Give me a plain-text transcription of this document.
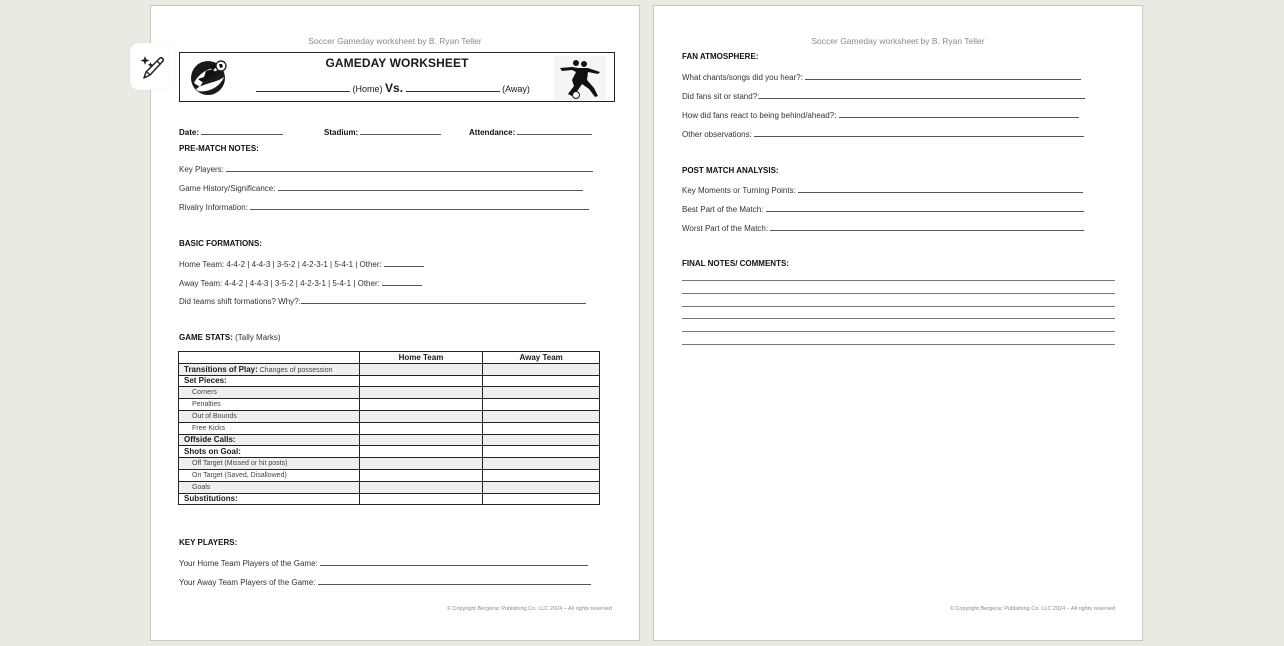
Soccer Gameday worksheet by B. Ryan Teller
GAMEDAY WORKSHEET
(Home) Vs.	(Away)
Date:	Stadium:	Attendance:
PRE-MATCH NOTES:
Key Players:
Game History/Significance:
Rivalry Information:
BASIC FORMATIONS:
Home Team: 4-4-2 | 4-4-3 | 3-5-2 | 4-2-3-1 | 5-4-1 | Other:
Away Team: 4-4-2 | 4-4-3 | 3-5-2 | 4-2-3-1 | 5-4-1 | Other:
Did teams shift formations? Why?:
GAME STATS: (Tally Marks)
	Home Team	Away Team
Transitions of Play: Changes of possession		
Set Pieces:		
Corners		
Penalties		
Out of Bounds		
Free Kicks		
Offside Calls:		
Shots on Goal:		
Off Target (Missed or hit posts)		
On Target (Saved, Disallowed)		
Goals		
Substitutions:		
KEY PLAYERS:
Your Home Team Players of the Game:
Your Away Team Players of the Game:
© Copyright Bergerac Publishing Co. LLC 2024 – All rights reserved
Soccer Gameday worksheet by B. Ryan Teller
FAN ATMOSPHERE:
What chants/songs did you hear?:
Did fans sit or stand?:
How did fans react to being behind/ahead?:
Other observations:
POST MATCH ANALYSIS:
Key Moments or Turning Points:
Best Part of the Match:
Worst Part of the Match:
FINAL NOTES/ COMMENTS:
© Copyright Bergerac Publishing Co. LLC 2024 – All rights reserved
